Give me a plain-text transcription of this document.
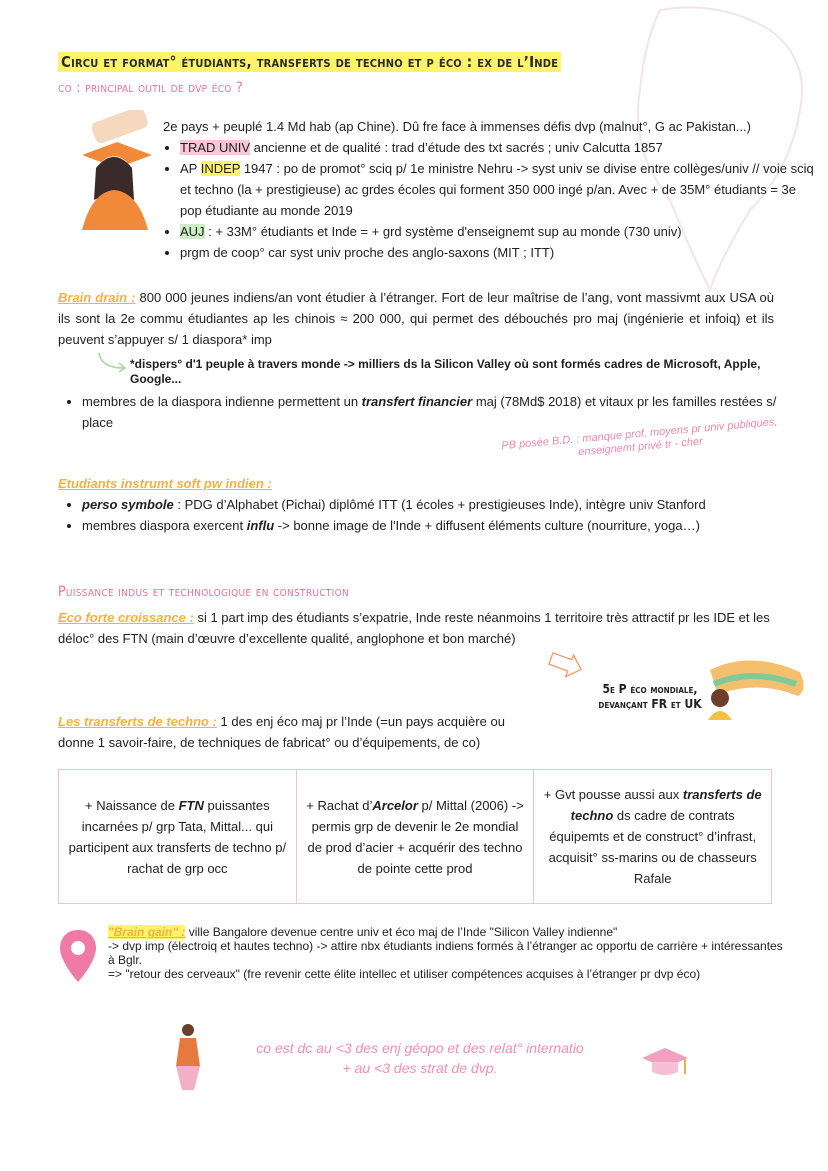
Circu et format° étudiants, transferts de techno et p éco : ex de l’Inde
co : principal outil de dvp éco ?
2e pays + peuplé 1.4 Md hab (ap Chine). Dû fre face à immenses défis dvp (malnut°, G ac Pakistan...)
• TRAD UNIV ancienne et de qualité : trad d’étude des txt sacrés ; univ Calcutta 1857
• AP INDEP 1947 : po de promot° sciq p/ 1e ministre Nehru -> syst univ se divise entre collèges/univ // voie sciq et techno (la + prestigieuse) ac grdes écoles qui forment 350 000 ingé p/an. Avec + de 35M° étudiants = 3e pop étudiante au monde 2019
• AUJ : + 33M° étudiants et Inde = + grd système d'enseignemt sup au monde (730 univ)
• prgm de coop° car syst univ proche des anglo-saxons (MIT ; ITT)
Brain drain : 800 000 jeunes indiens/an vont étudier à l’étranger. Fort de leur maîtrise de l’ang, vont massivmt aux USA où ils sont la 2e commu étudiantes ap les chinois ≈ 200 000, qui permet des débouchés pro maj (ingénierie et infoiq) et ils peuvent s’appuyer s/ 1 diaspora* imp
*dispers° d'1 peuple à travers monde -> milliers ds la Silicon Valley où sont formés cadres de Microsoft, Apple, Google...
• membres de la diaspora indienne permettent un transfert financier maj (78Md$ 2018) et vitaux pr les familles restées s/ place	PB posée B.D. : manque prof, moyens pr univ publiques, enseignemt privé tr - cher
Etudiants instrumt soft pw indien :
• perso symbole : PDG d’Alphabet (Pichai) diplômé ITT (1 écoles + prestigieuses Inde), intègre univ Stanford
• membres diaspora exercent influ -> bonne image de l'Inde + diffusent éléments culture (nourriture, yoga…)
Puissance indus et technologique en construction
Eco forte croissance : si 1 part imp des étudiants s’expatrie, Inde reste néanmoins 1 territoire très attractif pr les IDE et les déloc° des FTN (main d’œuvre d’excellente qualité, anglophone et bon marché)
5e P éco mondiale, devançant FR et UK
Les transferts de techno : 1 des enj éco maj pr l’Inde (=un pays acquière ou donne 1 savoir-faire, de techniques de fabricat° ou d’équipements, de co)
+ Naissance de FTN puissantes incarnées p/ grp Tata, Mittal... qui participent aux transferts de techno p/ rachat de grp occ
+ Rachat d’Arcelor p/ Mittal (2006) -> permis grp de devenir le 2e mondial de prod d’acier + acquérir des techno de pointe cette prod
+ Gvt pousse aussi aux transferts de techno ds cadre de contrats équipemts et de construct° d’infrast, acquisit° ss-marins ou de chasseurs Rafale
"Brain gain" : ville Bangalore devenue centre univ et éco maj de l’Inde "Silicon Valley indienne"
-> dvp imp (électroiq et hautes techno) -> attire nbx étudiants indiens formés à l’étranger ac opportu de carrière + intéressantes à Bglr.
=> "retour des cerveaux" (fre revenir cette élite intellec et utiliser compétences acquises à l’étranger pr dvp éco)
co est dc au <3 des enj géopo et des relat° internatio
+ au <3 des strat de dvp.
